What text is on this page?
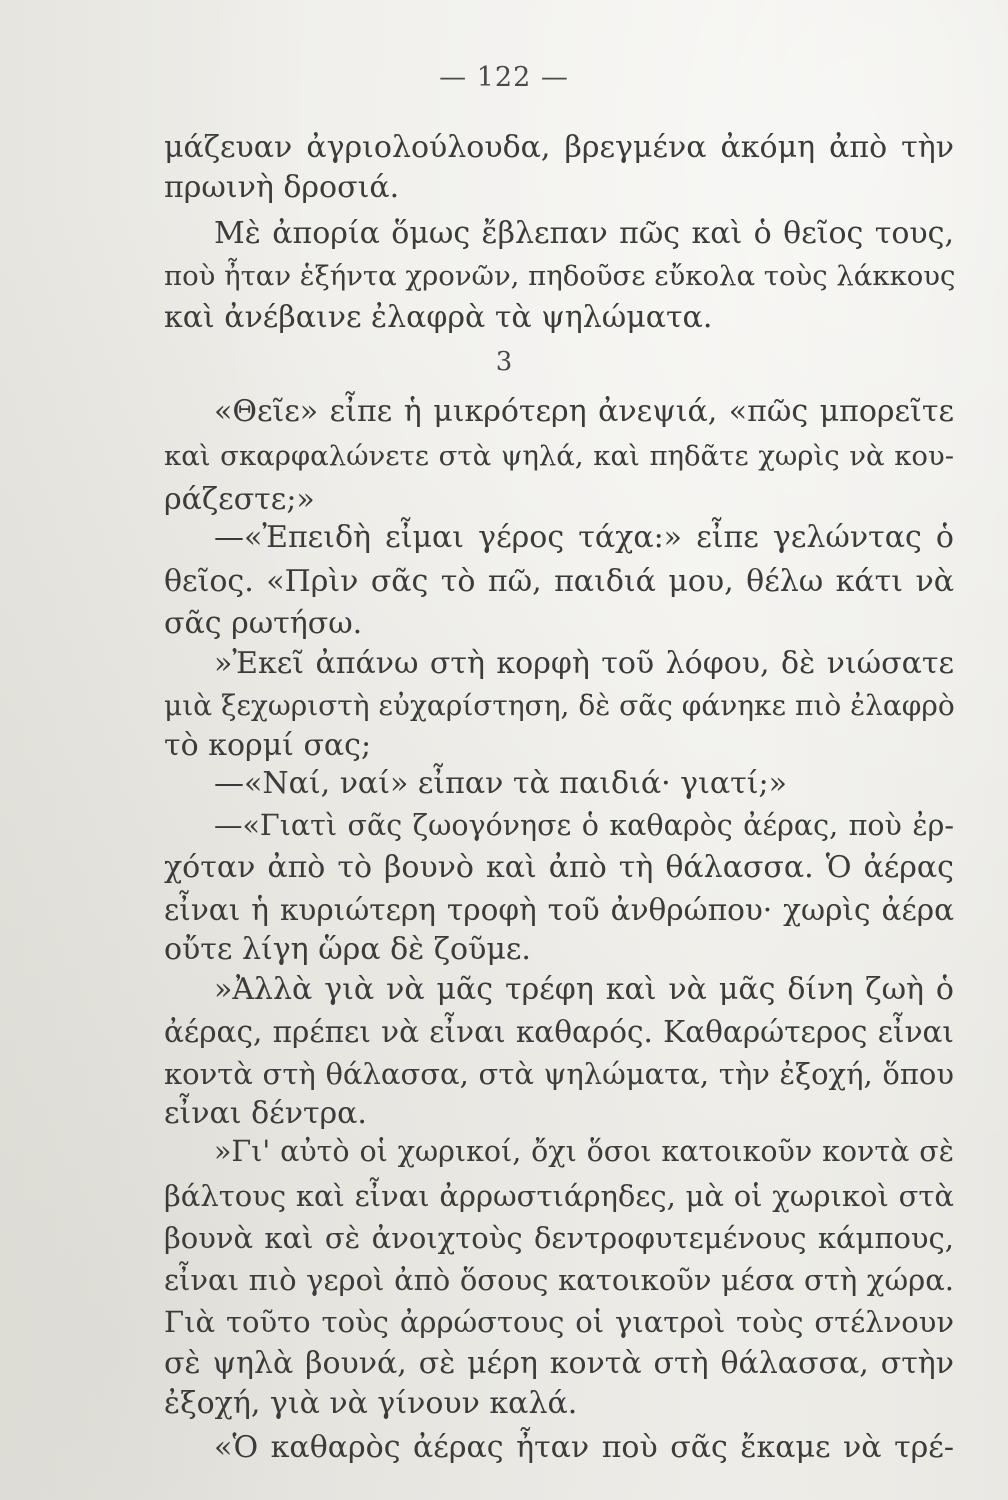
— 122 —
3
μάζευαν ἀγριολούλουδα, βρεγμένα ἀκόμη ἀπὸ τὴν
πρωινὴ δροσιά.
Μὲ ἀπορία ὅμως ἔβλεπαν πῶς καὶ ὁ θεῖος τους,
ποὺ ἦταν ἑξήντα χρονῶν, πηδοῦσε εὔκολα τοὺς λάκκους
καὶ ἀνέβαινε ἐλαφρὰ τὰ ψηλώματα.
«Θεῖε» εἶπε ἡ μικρότερη ἀνεψιά, «πῶς μπορεῖτε
καὶ σκαρφαλώνετε στὰ ψηλά, καὶ πηδᾶτε χωρὶς νὰ κου-
ράζεστε;»
—«Ἐπειδὴ εἶμαι γέρος τάχα:» εἶπε γελώντας ὁ
θεῖος. «Πρὶν σᾶς τὸ πῶ, παιδιά μου, θέλω κάτι νὰ
σᾶς ρωτήσω.
»Ἐκεῖ ἀπάνω στὴ κορφὴ τοῦ λόφου, δὲ νιώσατε
μιὰ ξεχωριστὴ εὐχαρίστηση, δὲ σᾶς φάνηκε πιὸ ἐλαφρὸ
τὸ κορμί σας;
—«Ναί, ναί» εἶπαν τὰ παιδιά· γιατί;»
—«Γιατὶ σᾶς ζωογόνησε ὁ καθαρὸς ἀέρας, ποὺ ἐρ-
χόταν ἀπὸ τὸ βουνὸ καὶ ἀπὸ τὴ θάλασσα. Ὁ ἀέρας
εἶναι ἡ κυριώτερη τροφὴ τοῦ ἀνθρώπου· χωρὶς ἀέρα
οὔτε λίγη ὥρα δὲ ζοῦμε.
»Ἀλλὰ γιὰ νὰ μᾶς τρέφη καὶ νὰ μᾶς δίνη ζωὴ ὁ
ἀέρας, πρέπει νὰ εἶναι καθαρός. Καθαρώτερος εἶναι
κοντὰ στὴ θάλασσα, στὰ ψηλώματα, τὴν ἐξοχή, ὅπου
εἶναι δέντρα.
»Γι' αὐτὸ οἱ χωρικοί, ὄχι ὅσοι κατοικοῦν κοντὰ σὲ
βάλτους καὶ εἶναι ἀρρωστιάρηδες, μὰ οἱ χωρικοὶ στὰ
βουνὰ καὶ σὲ ἀνοιχτοὺς δεντροφυτεμένους κάμπους,
εἶναι πιὸ γεροὶ ἀπὸ ὅσους κατοικοῦν μέσα στὴ χώρα.
Γιὰ τοῦτο τοὺς ἀρρώστους οἱ γιατροὶ τοὺς στέλνουν
σὲ ψηλὰ βουνά, σὲ μέρη κοντὰ στὴ θάλασσα, στὴν
ἐξοχή, γιὰ νὰ γίνουν καλά.
«Ὁ καθαρὸς ἀέρας ἦταν ποὺ σᾶς ἔκαμε νὰ τρέ-
